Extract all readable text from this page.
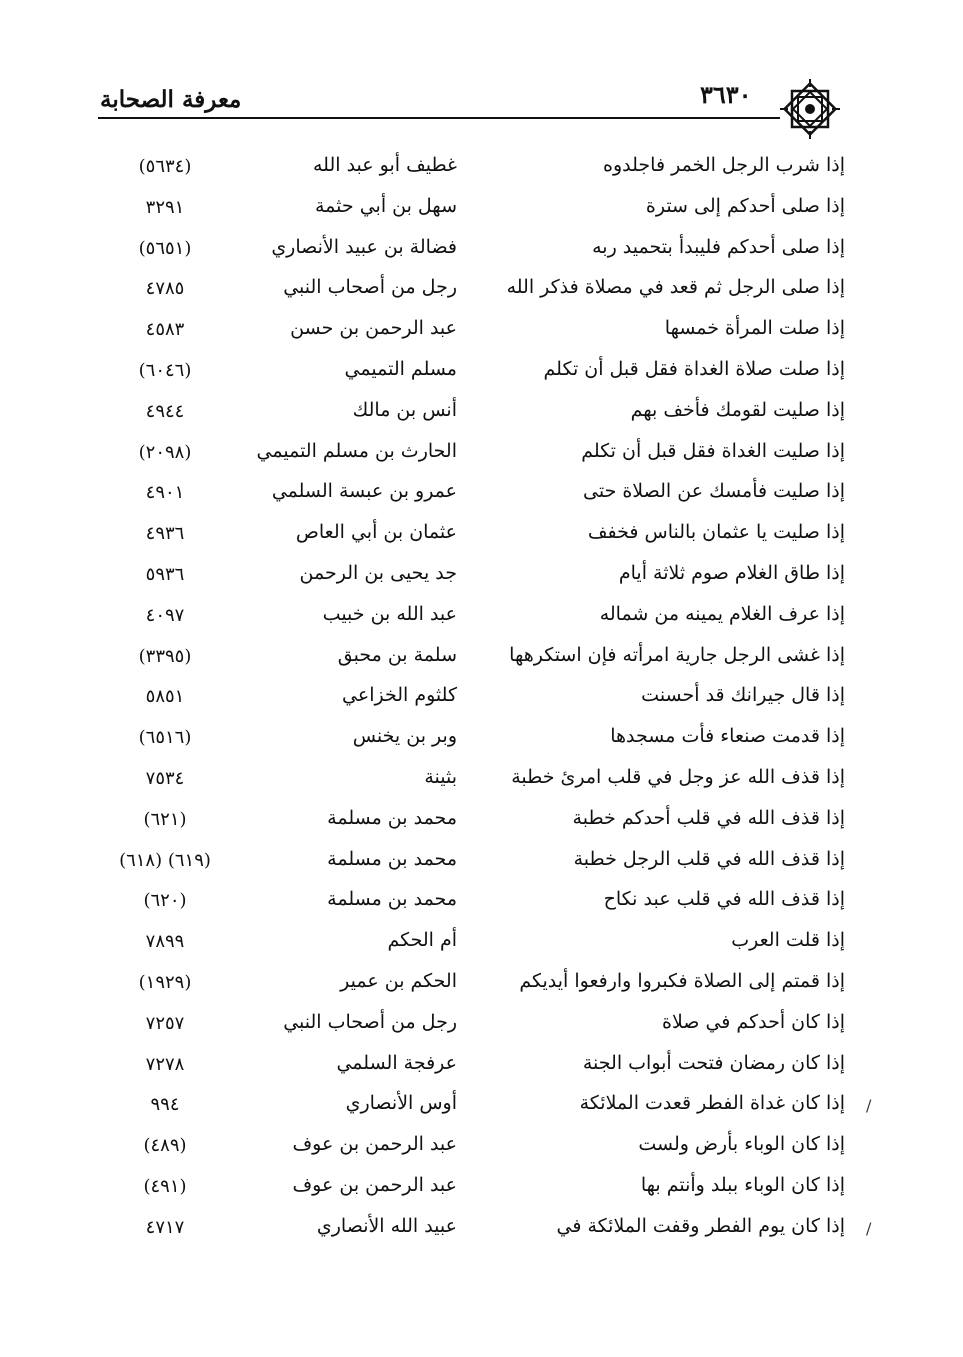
معرفة الصحابة	٣٦٣٠
إذا شرب الرجل الخمر فاجلدوه
غطيف أبو عبد الله
(٥٦٣٤)
إذا صلى أحدكم إلى سترة
سهل بن أبي حثمة
٣٢٩١
إذا صلى أحدكم فليبدأ بتحميد ربه
فضالة بن عبيد الأنصاري
(٥٦٥١)
إذا صلى الرجل ثم قعد في مصلاة فذكر الله
رجل من أصحاب النبي
٤٧٨٥
إذا صلت المرأة خمسها
عبد الرحمن بن حسن
٤٥٨٣
إذا صلت صلاة الغداة فقل قبل أن تكلم
مسلم التميمي
(٦٠٤٦)
إذا صليت لقومك فأخف بهم
أنس بن مالك
٤٩٤٤
إذا صليت الغداة فقل قبل أن تكلم
الحارث بن مسلم التميمي
(٢٠٩٨)
إذا صليت فأمسك عن الصلاة حتى
عمرو بن عبسة السلمي
٤٩٠١
إذا صليت يا عثمان بالناس فخفف
عثمان بن أبي العاص
٤٩٣٦
إذا طاق الغلام صوم ثلاثة أيام
جد يحيى بن الرحمن
٥٩٣٦
إذا عرف الغلام يمينه من شماله
عبد الله بن خبيب
٤٠٩٧
إذا غشى الرجل جارية امرأته فإن استكرهها
سلمة بن محبق
(٣٣٩٥)
إذا قال جيرانك قد أحسنت
كلثوم الخزاعي
٥٨٥١
إذا قدمت صنعاء فأت مسجدها
وبر بن يخنس
(٦٥١٦)
إذا قذف الله عز وجل في قلب امرئ خطبة
بثينة
٧٥٣٤
إذا قذف الله في قلب أحدكم خطبة
محمد بن مسلمة
(٦٢١)
إذا قذف الله في قلب الرجل خطبة
محمد بن مسلمة
(٦١٨) (٦١٩)
إذا قذف الله في قلب عبد نكاح
محمد بن مسلمة
(٦٢٠)
إذا قلت العرب
أم الحكم
٧٨٩٩
إذا قمتم إلى الصلاة فكبروا وارفعوا أيديكم
الحكم بن عمير
(١٩٢٩)
إذا كان أحدكم في صلاة
رجل من أصحاب النبي
٧٢٥٧
إذا كان رمضان فتحت أبواب الجنة
عرفجة السلمي
٧٢٧٨
/
إذا كان غداة الفطر قعدت الملائكة
أوس الأنصاري
٩٩٤
إذا كان الوباء بأرض ولست
عبد الرحمن بن عوف
(٤٨٩)
إذا كان الوباء ببلد وأنتم بها
عبد الرحمن بن عوف
(٤٩١)
/
إذا كان يوم الفطر وقفت الملائكة في
عبيد الله الأنصاري
٤٧١٧
